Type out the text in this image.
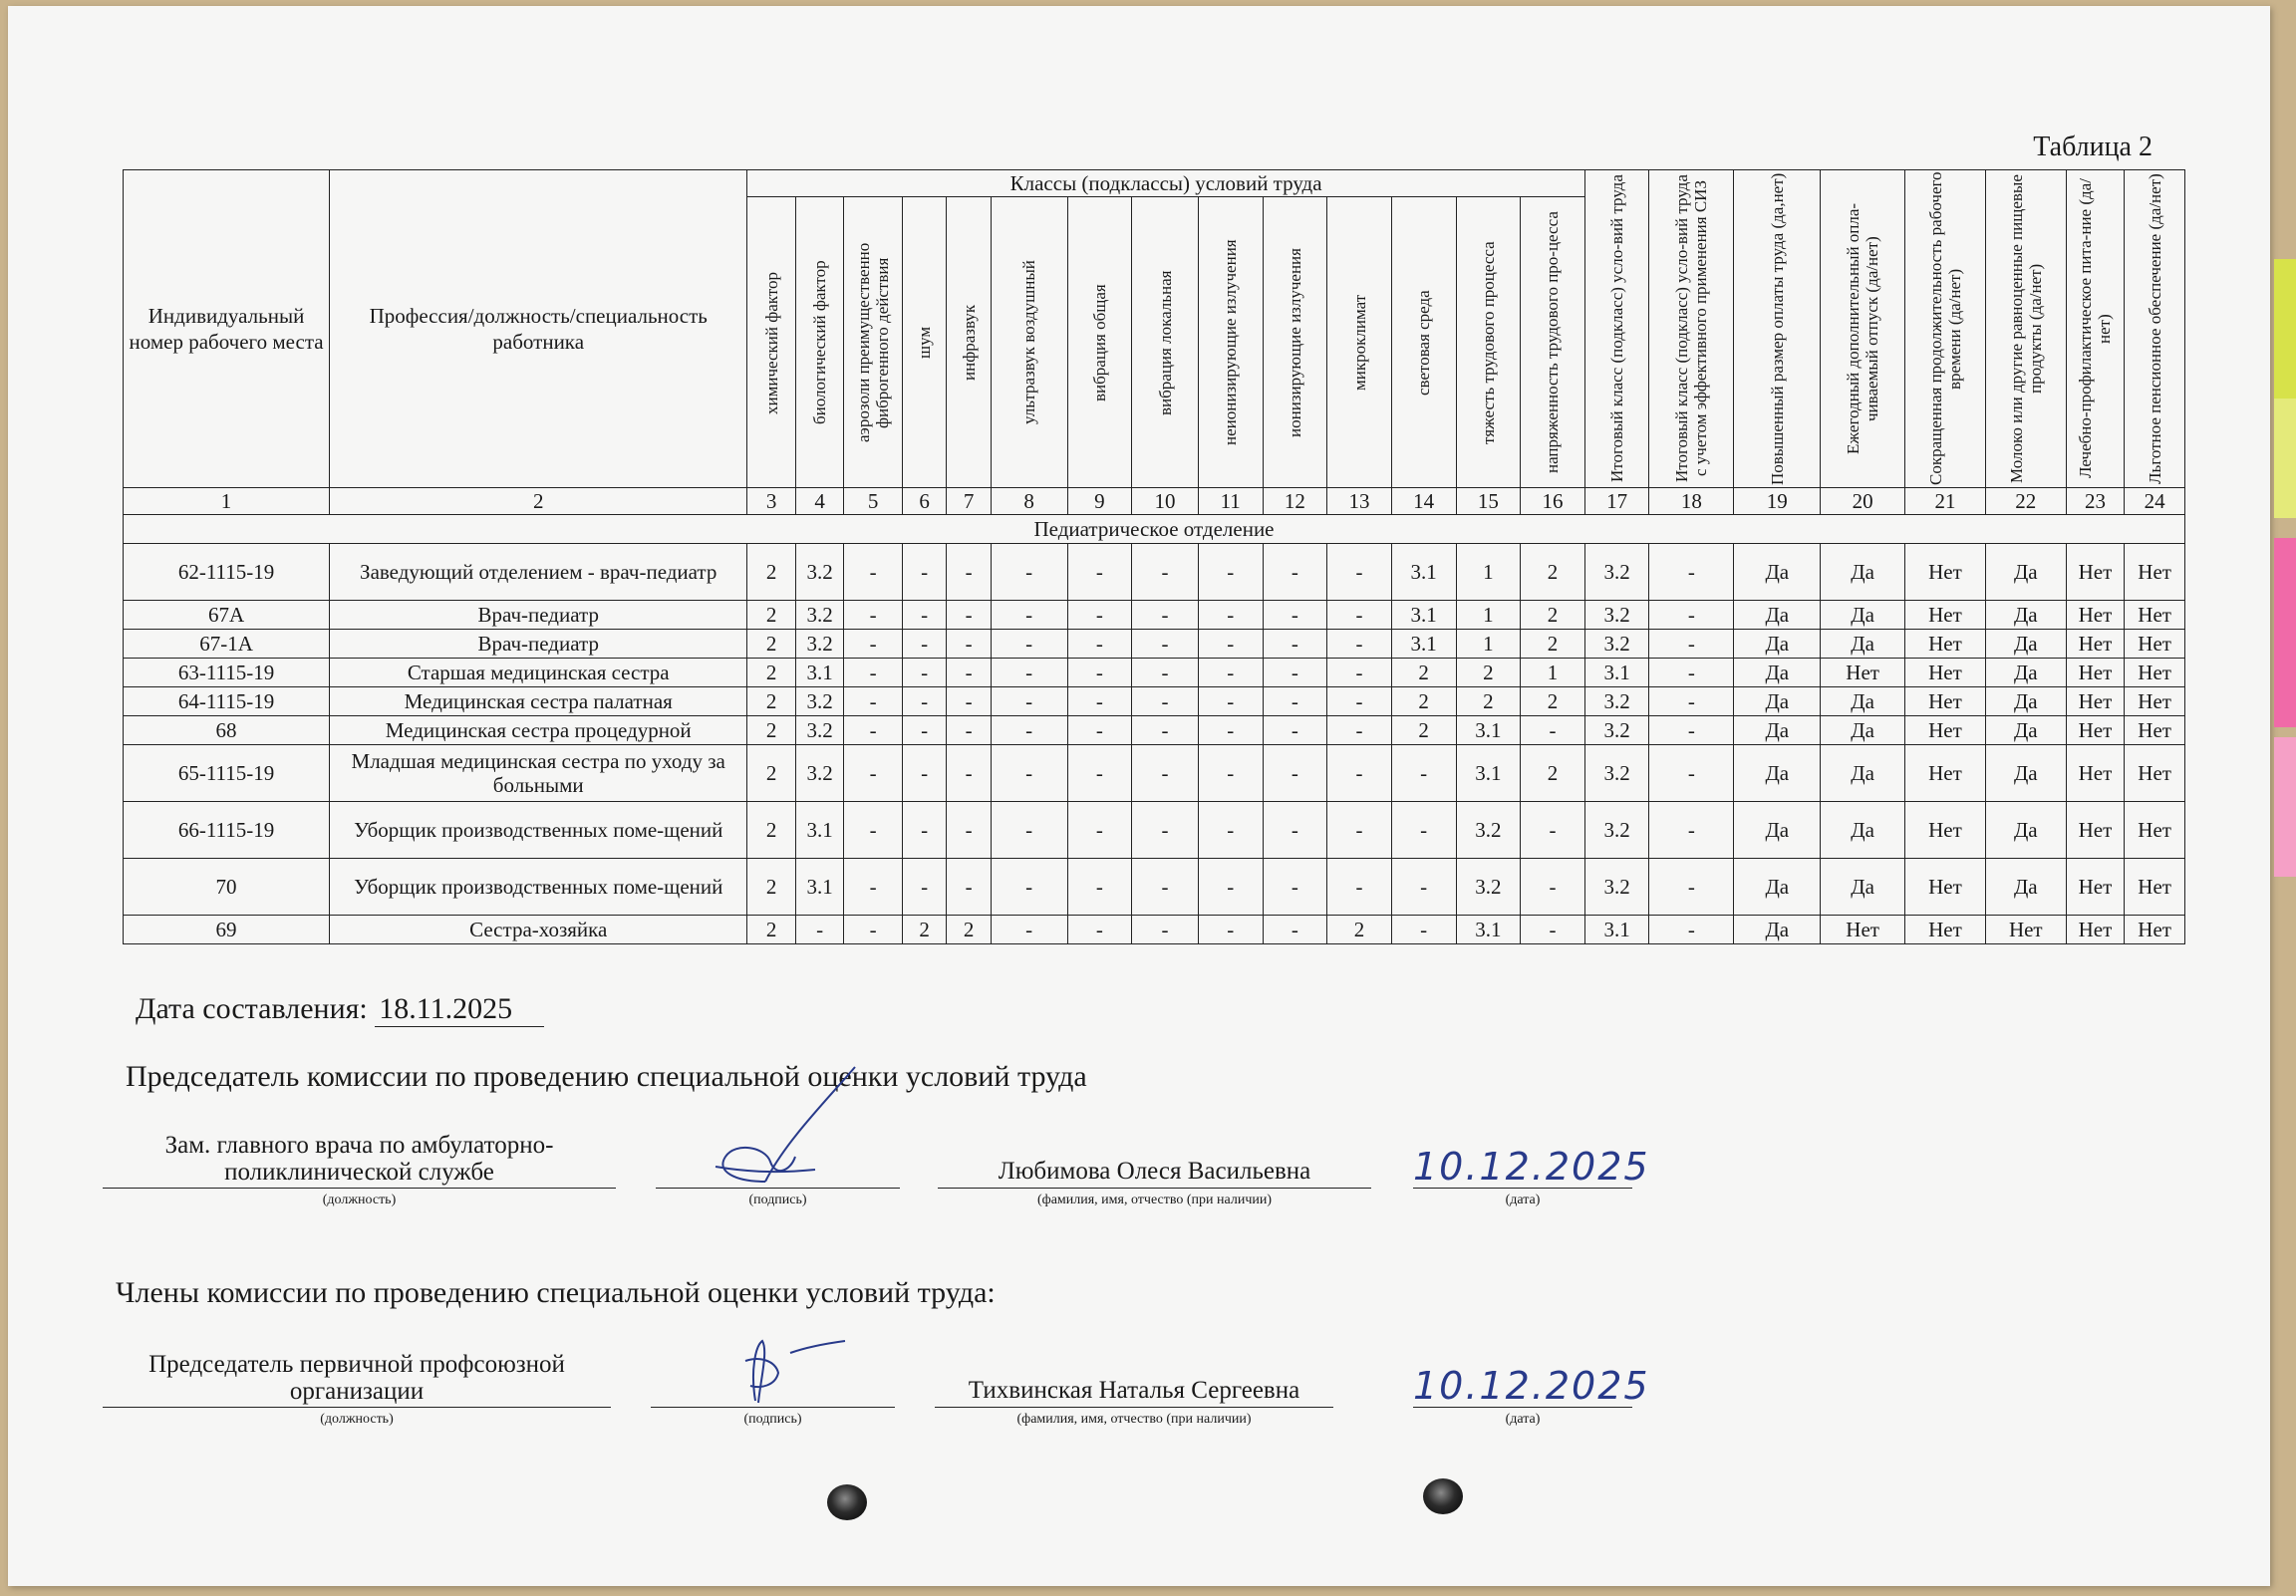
Таблица 2
Индивидуальный номер рабочего места	Профессия/должность/специальность работника	Классы (подклассы) условий труда														Итоговый класс (подкласс) усло-вий труда	Итоговый класс (подкласс) усло-вий труда с учетом эффективного применения СИЗ	Повышенный размер оплаты труда (да,нет)	Ежегодный дополнительный опла-чиваемый отпуск (да/нет)	Сокращенная продолжительность рабочего времени (да/нет)	Молоко или другие равноценные пищевые продукты (да/нет)	Лечебно-профилактическое пита-ние (да/нет)	Льготное пенсионное обеспечение (да/нет)

		химический фактор	биологический фактор	аэрозоли преимущественно фиброгенного действия	шум	инфразвук	ультразвук воздушный	вибрация общая	вибрация локальная	неионизирующие излучения	ионизирующие излучения	микроклимат	световая среда	тяжесть трудового процесса	напряженность трудового про-цесса								

1	2	3	4	5	6	7	8	9	10	11	12	13	14	15	16	17	18	19	20	21	22	23	24
Педиатрическое отделение																							
62-1115-19	Заведующий отделением - врач-педиатр	2	3.2	-	-	-	-	-	-	-	-	-	3.1	1	2	3.2	-	Да	Да	Нет	Да	Нет	Нет
67А	Врач-педиатр	2	3.2	-	-	-	-	-	-	-	-	-	3.1	1	2	3.2	-	Да	Да	Нет	Да	Нет	Нет
67-1А	Врач-педиатр	2	3.2	-	-	-	-	-	-	-	-	-	3.1	1	2	3.2	-	Да	Да	Нет	Да	Нет	Нет
63-1115-19	Старшая медицинская сестра	2	3.1	-	-	-	-	-	-	-	-	-	2	2	1	3.1	-	Да	Нет	Нет	Да	Нет	Нет
64-1115-19	Медицинская сестра палатная	2	3.2	-	-	-	-	-	-	-	-	-	2	2	2	3.2	-	Да	Да	Нет	Да	Нет	Нет
68	Медицинская сестра процедурной	2	3.2	-	-	-	-	-	-	-	-	-	2	3.1	-	3.2	-	Да	Да	Нет	Да	Нет	Нет
65-1115-19	Младшая медицинская сестра по уходу за больными	2	3.2	-	-	-	-	-	-	-	-	-	-	3.1	2	3.2	-	Да	Да	Нет	Да	Нет	Нет
66-1115-19	Уборщик производственных поме-щений	2	3.1	-	-	-	-	-	-	-	-	-	-	3.2	-	3.2	-	Да	Да	Нет	Да	Нет	Нет
70	Уборщик производственных поме-щений	2	3.1	-	-	-	-	-	-	-	-	-	-	3.2	-	3.2	-	Да	Да	Нет	Да	Нет	Нет
69	Сестра-хозяйка	2	-	-	2	2	-	-	-	-	-	2	-	3.1	-	3.1	-	Да	Нет	Нет	Нет	Нет	Нет
Дата составления: 18.11.2025
Председатель комиссии по проведению специальной оценки условий труда
Зам. главного врача по амбулаторно-поликлинической службе
(должность)	(подпись)
Любимова Олеся Васильевна
(фамилия, имя, отчество (при наличии)
10.12.2025
(дата)
Члены комиссии по проведению специальной оценки условий труда:
Председатель первичной профсоюзной организации
(должность)	(подпись)
Тихвинская Наталья Сергеевна
(фамилия, имя, отчество (при наличии)
10.12.2025
(дата)
